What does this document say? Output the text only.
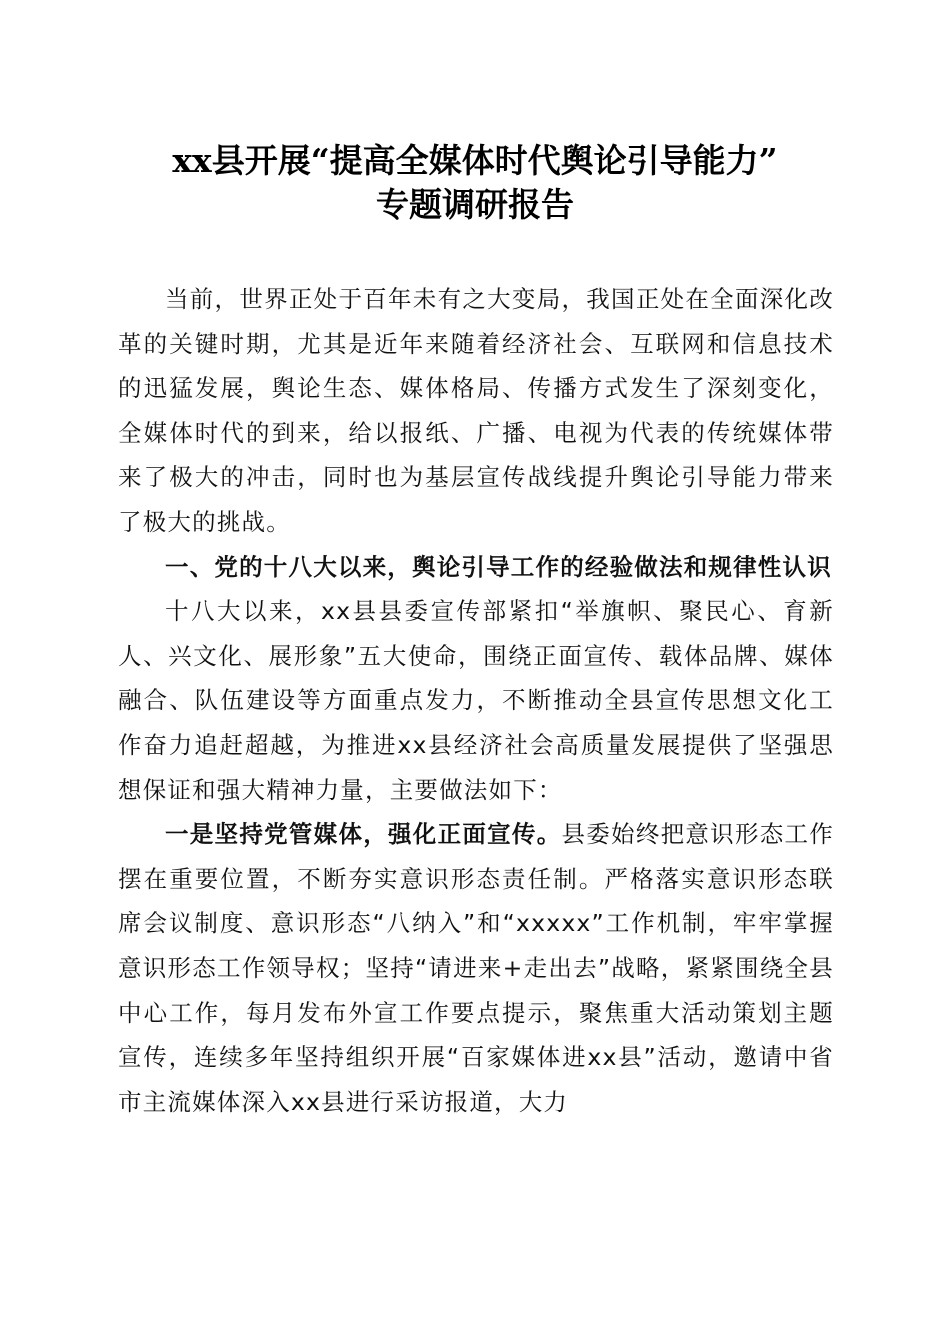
xx县开展“提高全媒体时代舆论引导能力”
专题调研报告

当前，世界正处于百年未有之大变局，我国正处在全面深化改革的关键时期，尤其是近年来随着经济社会、互联网和信息技术的迅猛发展，舆论生态、媒体格局、传播方式发生了深刻变化，全媒体时代的到来，给以报纸、广播、电视为代表的传统媒体带来了极大的冲击，同时也为基层宣传战线提升舆论引导能力带来了极大的挑战。

一、党的十八大以来，舆论引导工作的经验做法和规律性认识

十八大以来，xx县县委宣传部紧扣“举旗帜、聚民心、育新人、兴文化、展形象”五大使命，围绕正面宣传、载体品牌、媒体融合、队伍建设等方面重点发力，不断推动全县宣传思想文化工作奋力追赶超越，为推进xx县经济社会高质量发展提供了坚强思想保证和强大精神力量，主要做法如下：

一是坚持党管媒体，强化正面宣传。县委始终把意识形态工作摆在重要位置，不断夯实意识形态责任制。严格落实意识形态联席会议制度、意识形态“八纳入”和“xxxxx”工作机制，牢牢掌握意识形态工作领导权；坚持“请进来+走出去”战略，紧紧围绕全县中心工作，每月发布外宣工作要点提示，聚焦重大活动策划主题宣传，连续多年坚持组织开展“百家媒体进xx县”活动，邀请中省市主流媒体深入xx县进行采访报道，大力
